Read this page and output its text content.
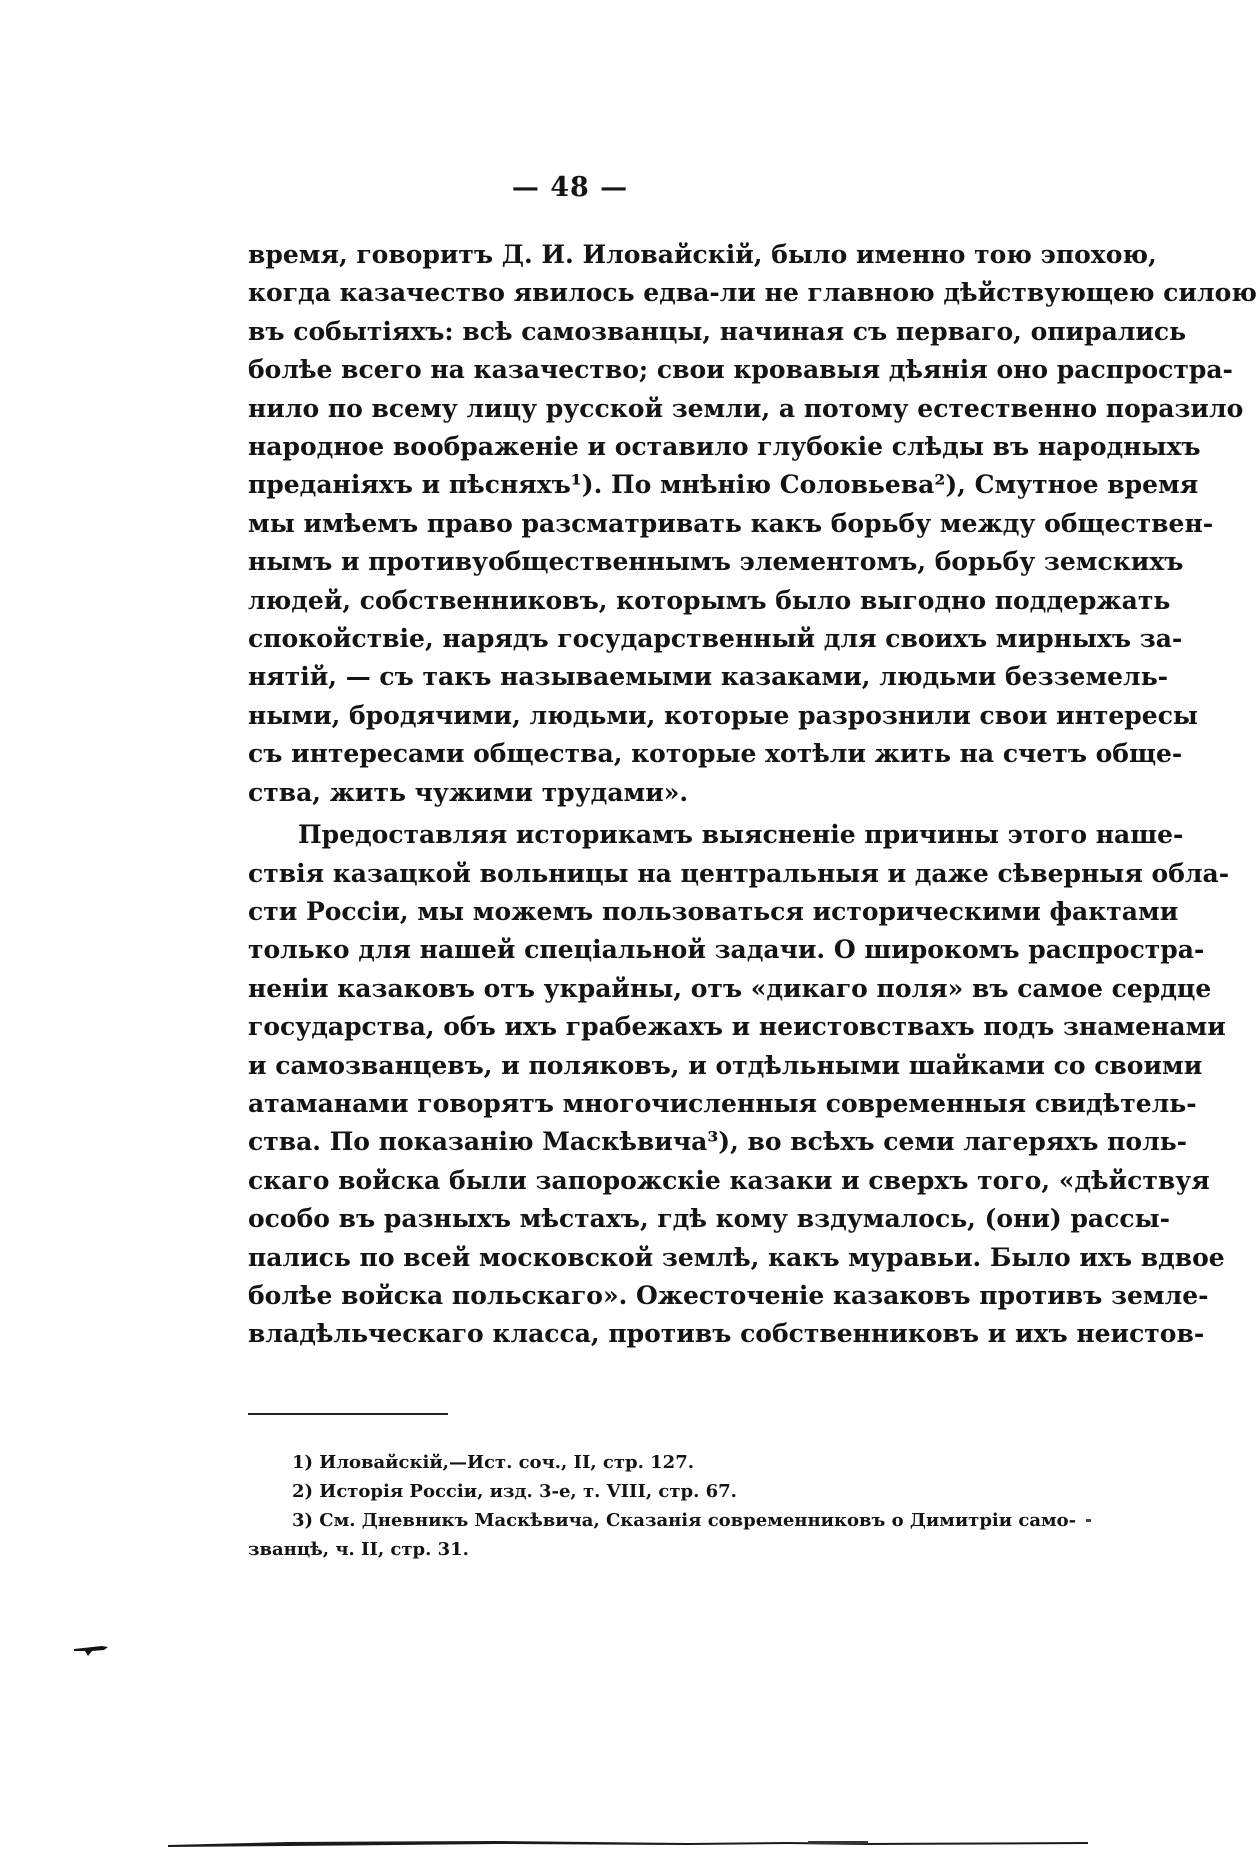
— 48 —

время, говоритъ Д. И. Иловайскій, было именно тою эпохою,
когда казачество явилось едва-ли не главною дѣйствующею силою
въ событіяхъ: всѣ самозванцы, начиная съ перваго, опирались
болѣе всего на казачество; свои кровавыя дѣянія оно распростра-
нило по всему лицу русской земли, а потому естественно поразило
народное воображеніе и оставило глубокіе слѣды въ народныхъ
преданіяхъ и пѣсняхъ¹). По мнѣнію Соловьева²), Смутное время
мы имѣемъ право разсматривать какъ борьбу между обществен-
нымъ и противуобщественнымъ элементомъ, борьбу земскихъ
людей, собственниковъ, которымъ было выгодно поддержать
спокойствіе, нарядъ государственный для своихъ мирныхъ за-
нятій, — съ такъ называемыми казаками, людьми безземель-
ными, бродячими, людьми, которые разрознили свои интересы
съ интересами общества, которые хотѣли жить на счетъ обще-
ства, жить чужими трудами».

Предоставляя историкамъ выясненіе причины этого наше-
ствія казацкой вольницы на центральныя и даже сѣверныя обла-
сти Россіи, мы можемъ пользоваться историческими фактами
только для нашей спеціальной задачи. О широкомъ распростра-
неніи казаковъ отъ украйны, отъ «дикаго поля» въ самое сердце
государства, объ ихъ грабежахъ и неистовствахъ подъ знаменами
и самозванцевъ, и поляковъ, и отдѣльными шайками со своими
атаманами говорятъ многочисленныя современныя свидѣтель-
ства. По показанію Маскѣвича³), во всѣхъ семи лагеряхъ поль-
скаго войска были запорожскіе казаки и сверхъ того, «дѣйствуя
особо въ разныхъ мѣстахъ, гдѣ кому вздумалось, (они) рассы-
пались по всей московской землѣ, какъ муравьи. Было ихъ вдвое
болѣе войска польскаго». Ожесточеніе казаковъ противъ земле-
владѣльческаго класса, противъ собственниковъ и ихъ неистов-

1) Иловайскій,—Ист. соч., II, стр. 127.
2) Исторія Россіи, изд. 3-е, т. VIII, стр. 67.
3) См. Дневникъ Маскѣвича, Сказанія современниковъ о Димитріи само-
званцѣ, ч. II, стр. 31.
